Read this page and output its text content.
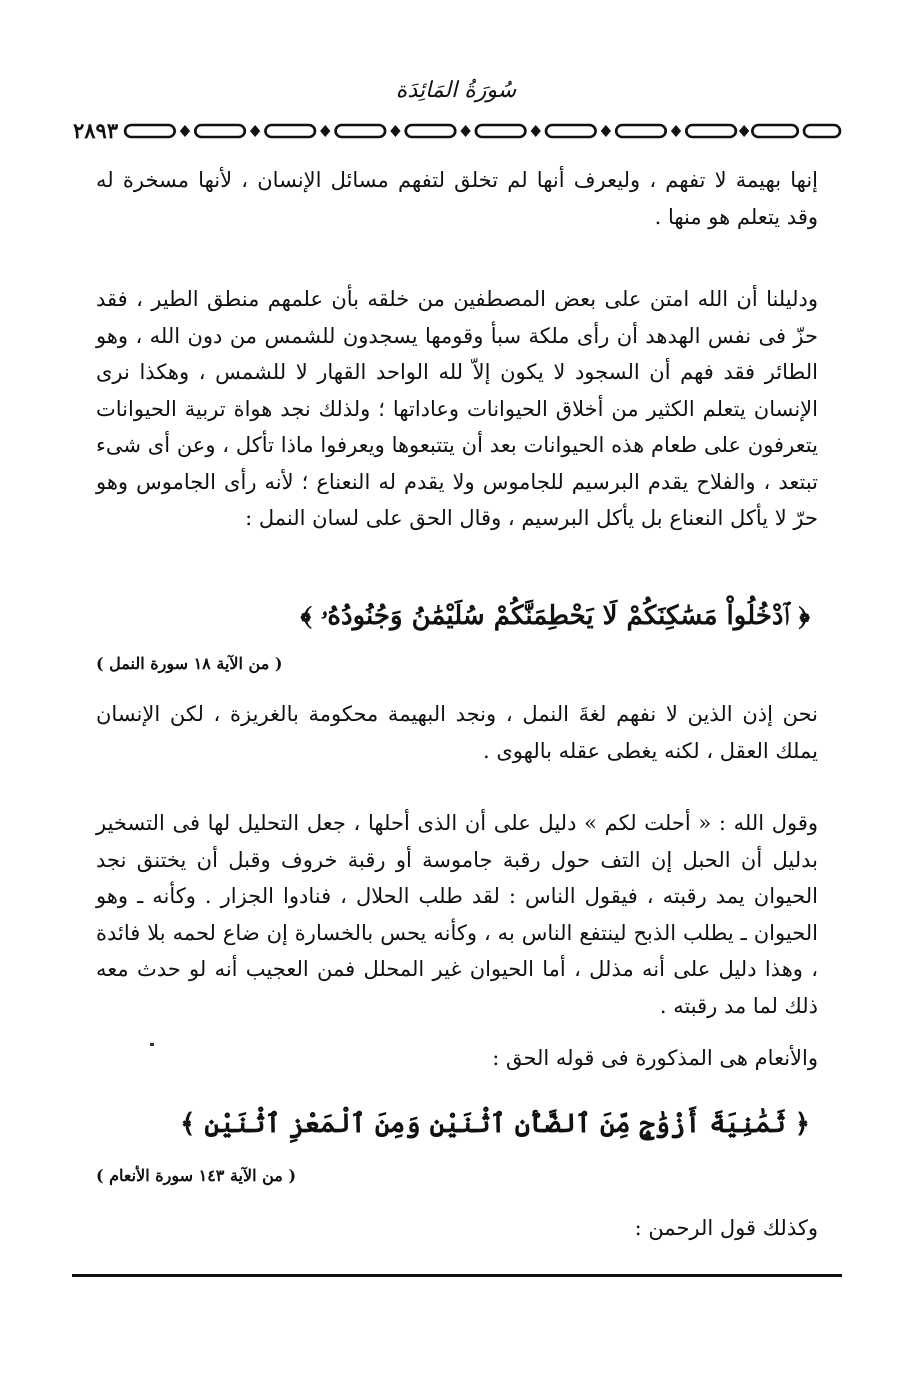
سُورَةُ المَائِدَة
٢٨٩٣
إنها بهيمة لا تفهم ، وليعرف أنها لم تخلق لتفهم مسائل الإنسان ، لأنها مسخرة له وقد يتعلم هو منها .
ودليلنا أن الله امتن على بعض المصطفين من خلقه بأن علمهم منطق الطير ، فقد حزّ فى نفس الهدهد أن رأى ملكة سبأ وقومها يسجدون للشمس من دون الله ، وهو الطائر فقد فهم أن السجود لا يكون إلاّ لله الواحد القهار لا للشمس ، وهكذا نرى الإنسان يتعلم الكثير من أخلاق الحيوانات وعاداتها ؛ ولذلك نجد هواة تربية الحيوانات يتعرفون على طعام هذه الحيوانات بعد أن يتتبعوها ويعرفوا ماذا تأكل ، وعن أى شىء تبتعد ، والفلاح يقدم البرسيم للجاموس ولا يقدم له النعناع ؛ لأنه رأى الجاموس وهو حرّ لا يأكل النعناع بل يأكل البرسيم ، وقال الحق على لسان النمل :
﴿ ٱدْخُلُواْ مَسَٰكِنَكُمْ لَا يَحْطِمَنَّكُمْ سُلَيْمَٰنُ وَجُنُودُهُۥ ﴾
( من الآية ١٨ سورة النمل )
نحن إذن الذين لا نفهم لغةَ النمل ، ونجد البهيمة محكومة بالغريزة ، لكن الإنسان يملك العقل ، لكنه يغطى عقله بالهوى .
وقول الله : « أحلت لكم » دليل على أن الذى أحلها ، جعل التحليل لها فى التسخير بدليل أن الحبل إن التف حول رقبة جاموسة أو رقبة خروف وقبل أن يختنق نجد الحيوان يمد رقبته ، فيقول الناس : لقد طلب الحلال ، فنادوا الجزار . وكأنه ـ وهو الحيوان ـ يطلب الذبح لينتفع الناس به ، وكأنه يحس بالخسارة إن ضاع لحمه بلا فائدة ، وهذا دليل على أنه مذلل ، أما الحيوان غير المحلل فمن العجيب أنه لو حدث معه ذلك لما مد رقبته .
والأنعام هى المذكورة فى قوله الحق :
﴿ ثَمَٰنِيَةَ أَزْوَٰجٍ مِّنَ ٱلضَّأْنِ ٱثْنَيْنِ وَمِنَ ٱلْمَعْزِ ٱثْنَيْنِ ﴾
( من الآية ١٤٣ سورة الأنعام )
وكذلك قول الرحمن :
